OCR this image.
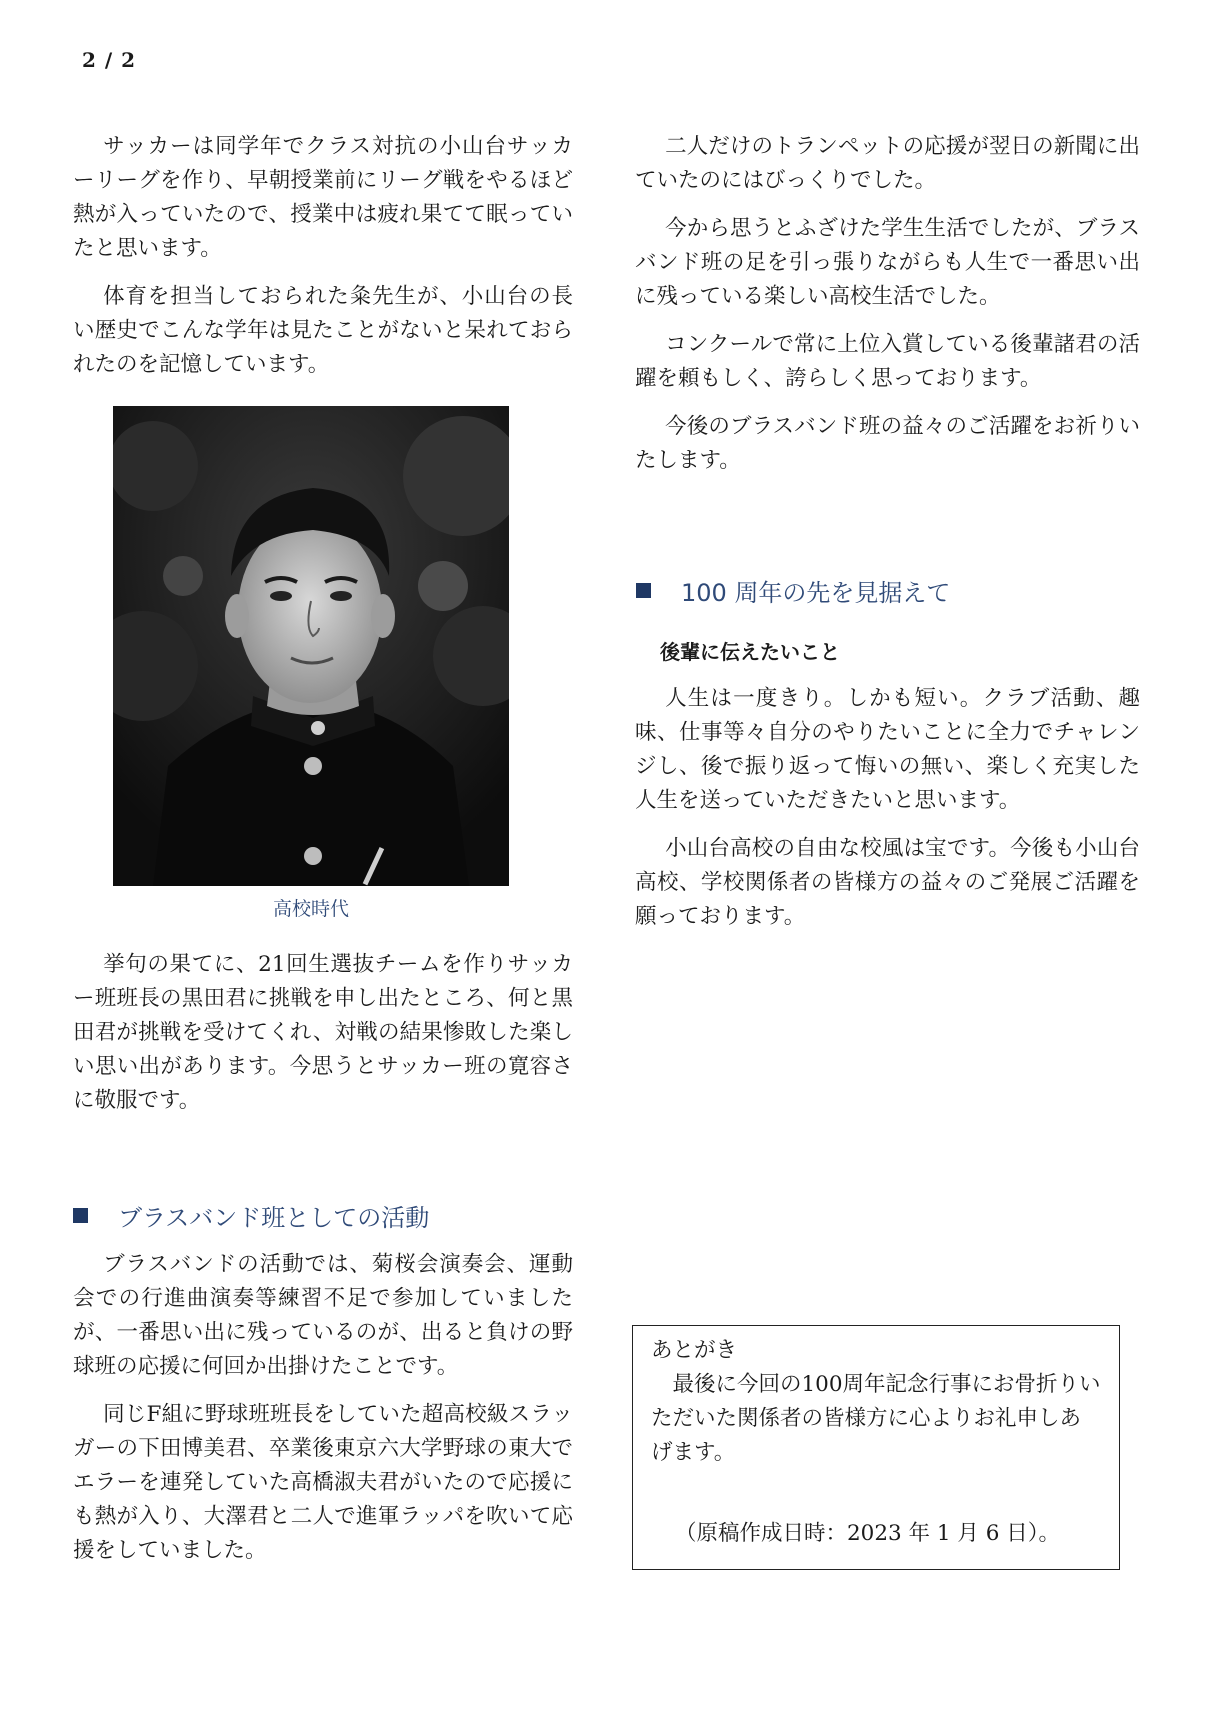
2 / 2

サッカーは同学年でクラス対抗の小山台サッカーリーグを作り、早朝授業前にリーグ戦をやるほど熱が入っていたので、授業中は疲れ果てて眠っていたと思います。

体育を担当しておられた粂先生が、小山台の長い歴史でこんな学年は見たことがないと呆れておられたのを記憶しています。

高校時代

挙句の果てに、21回生選抜チームを作りサッカー班班長の黒田君に挑戦を申し出たところ、何と黒田君が挑戦を受けてくれ、対戦の結果惨敗した楽しい思い出があります。今思うとサッカー班の寛容さに敬服です。

ブラスバンド班としての活動

ブラスバンドの活動では、菊桜会演奏会、運動会での行進曲演奏等練習不足で参加していましたが、一番思い出に残っているのが、出ると負けの野球班の応援に何回か出掛けたことです。

同じF組に野球班班長をしていた超高校級スラッガーの下田博美君、卒業後東京六大学野球の東大でエラーを連発していた高橋淑夫君がいたので応援にも熱が入り、大澤君と二人で進軍ラッパを吹いて応援をしていました。

二人だけのトランペットの応援が翌日の新聞に出ていたのにはびっくりでした。

今から思うとふざけた学生生活でしたが、ブラスバンド班の足を引っ張りながらも人生で一番思い出に残っている楽しい高校生活でした。

コンクールで常に上位入賞している後輩諸君の活躍を頼もしく、誇らしく思っております。

今後のブラスバンド班の益々のご活躍をお祈りいたします。

100 周年の先を見据えて
後輩に伝えたいこと

人生は一度きり。しかも短い。クラブ活動、趣味、仕事等々自分のやりたいことに全力でチャレンジし、後で振り返って悔いの無い、楽しく充実した人生を送っていただきたいと思います。

小山台高校の自由な校風は宝です。今後も小山台高校、学校関係者の皆様方の益々のご発展ご活躍を願っております。

あとがき

最後に今回の100周年記念行事にお骨折りいただいた関係者の皆様方に心よりお礼申しあげます。

（原稿作成日時：2023 年 1 月 6 日）。
